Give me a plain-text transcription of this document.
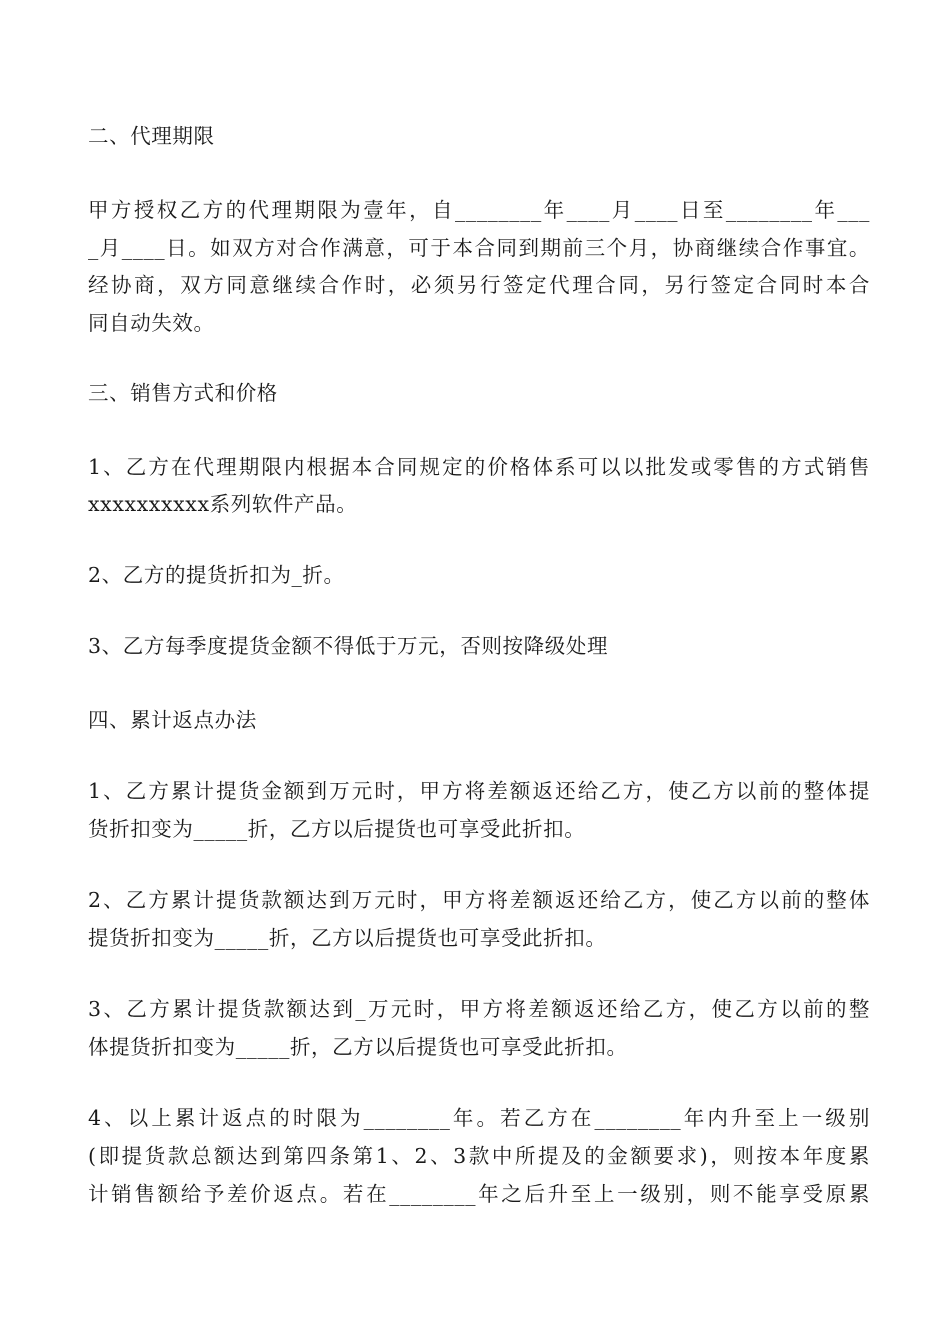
二、代理期限
甲方授权乙方的代理期限为壹年，自________年____月____日至________年___
_月____日。如双方对合作满意，可于本合同到期前三个月，协商继续合作事宜。
经协商，双方同意继续合作时，必须另行签定代理合同，另行签定合同时本合
同自动失效。
三、销售方式和价格
1、乙方在代理期限内根据本合同规定的价格体系可以以批发或零售的方式销售
xxxxxxxxxx系列软件产品。
2、乙方的提货折扣为_折。
3、乙方每季度提货金额不得低于万元，否则按降级处理
四、累计返点办法
1、乙方累计提货金额到万元时，甲方将差额返还给乙方，使乙方以前的整体提
货折扣变为_____折，乙方以后提货也可享受此折扣。
2、乙方累计提货款额达到万元时，甲方将差额返还给乙方，使乙方以前的整体
提货折扣变为_____折，乙方以后提货也可享受此折扣。
3、乙方累计提货款额达到_万元时，甲方将差额返还给乙方，使乙方以前的整
体提货折扣变为_____折，乙方以后提货也可享受此折扣。
4、以上累计返点的时限为________年。若乙方在________年内升至上一级别
(即提货款总额达到第四条第1、2、3款中所提及的金额要求)，则按本年度累
计销售额给予差价返点。若在________年之后升至上一级别，则不能享受原累
